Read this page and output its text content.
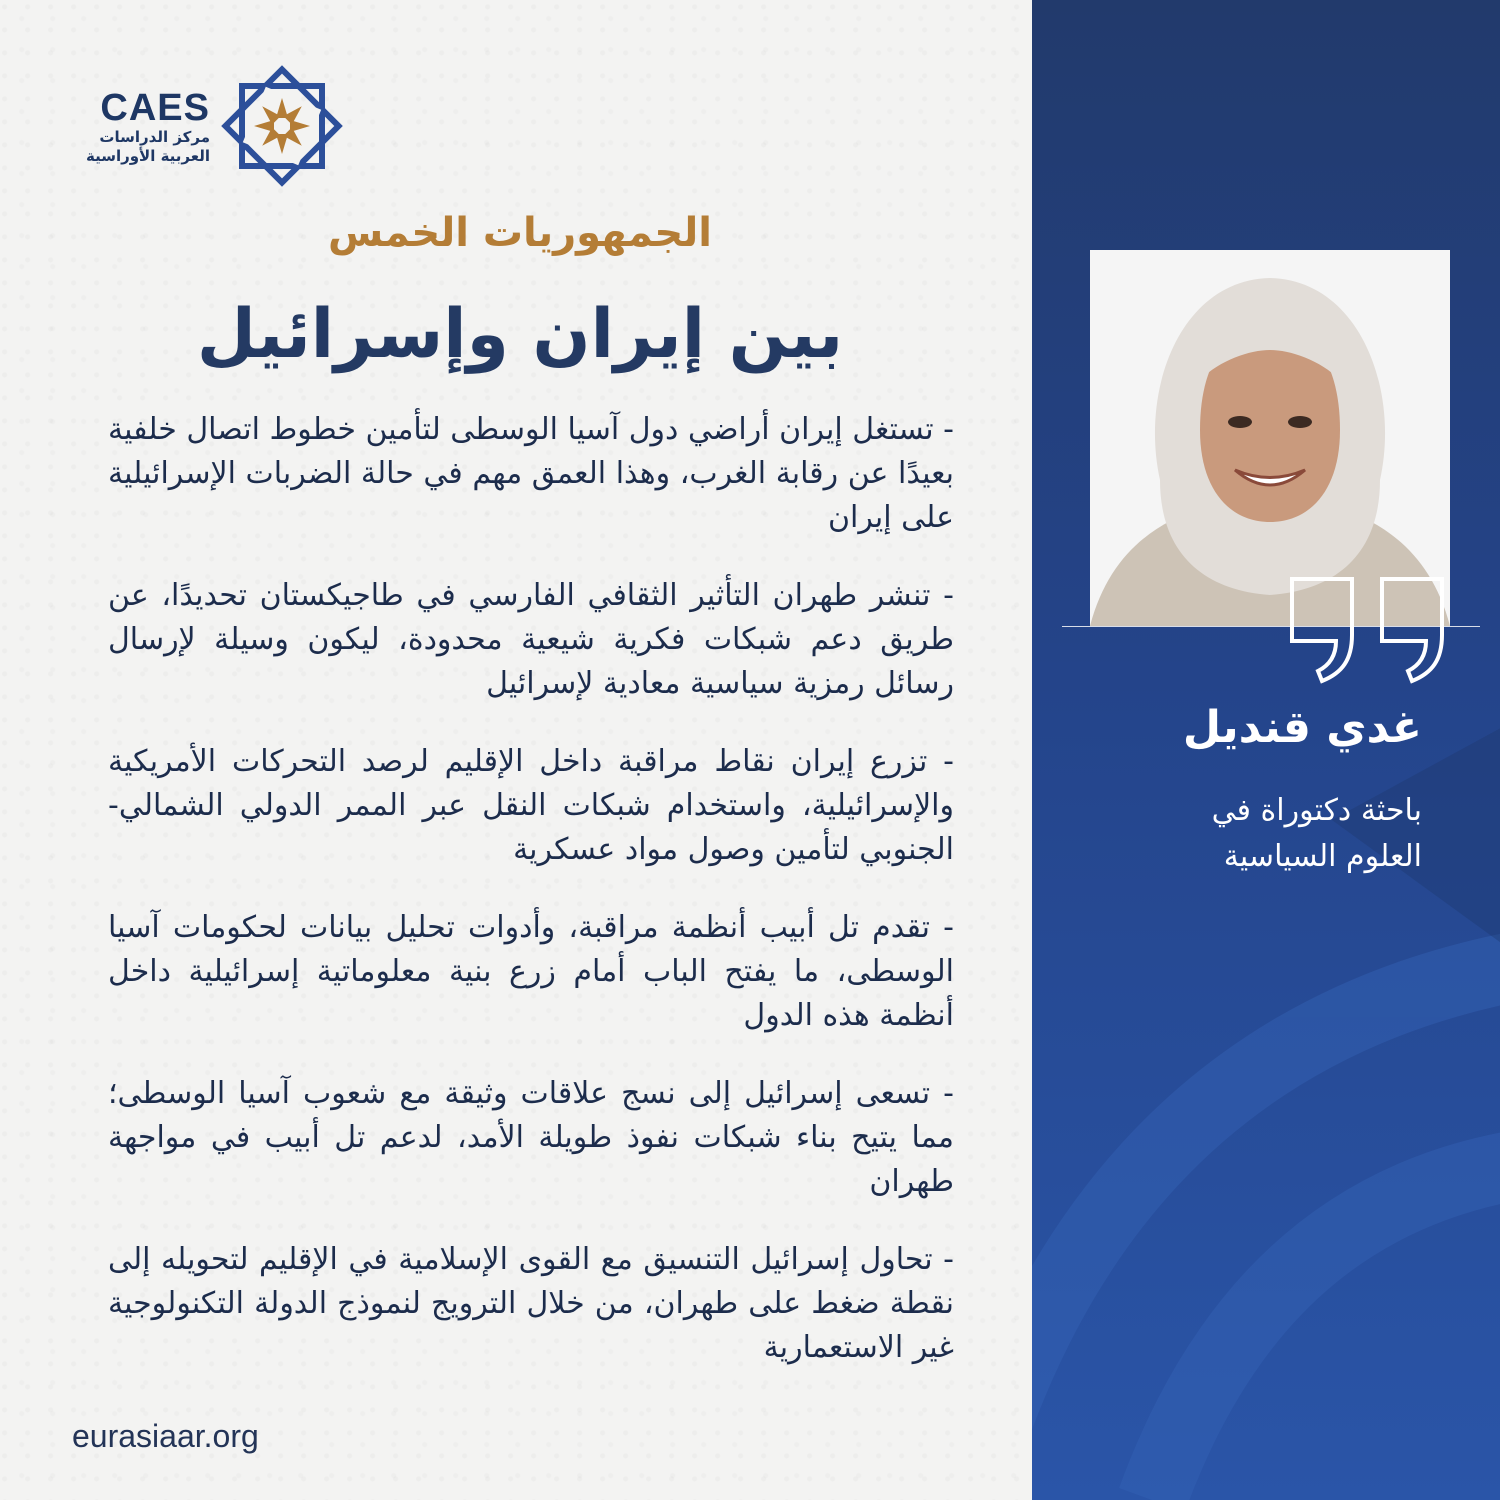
CAES
مركز الدراسات
العربية الأوراسية
الجمهوريات الخمس
بين إيران وإسرائيل

- تستغل إيران أراضي دول آسيا الوسطى لتأمين خطوط اتصال خلفية بعيدًا عن رقابة الغرب، وهذا العمق مهم في حالة الضربات الإسرائيلية على إيران

- تنشر طهران التأثير الثقافي الفارسي في طاجيكستان تحديدًا، عن طريق دعم شبكات فكرية شيعية محدودة، ليكون وسيلة لإرسال رسائل رمزية سياسية معادية لإسرائيل

- تزرع إيران نقاط مراقبة داخل الإقليم لرصد التحركات الأمريكية والإسرائيلية، واستخدام شبكات النقل عبر الممر الدولي الشمالي- الجنوبي لتأمين وصول مواد عسكرية

- تقدم تل أبيب أنظمة مراقبة، وأدوات تحليل بيانات لحكومات آسيا الوسطى، ما يفتح الباب أمام زرع بنية معلوماتية إسرائيلية داخل أنظمة هذه الدول

- تسعى إسرائيل إلى نسج علاقات وثيقة مع شعوب آسيا الوسطى؛ مما يتيح بناء شبكات نفوذ طويلة الأمد، لدعم تل أبيب في مواجهة طهران

- تحاول إسرائيل التنسيق مع القوى الإسلامية في الإقليم لتحويله إلى نقطة ضغط على طهران، من خلال الترويج لنموذج الدولة التكنولوجية غير الاستعمارية

eurasiaar.org
غدي قنديل
باحثة دكتوراة في
العلوم السياسية
